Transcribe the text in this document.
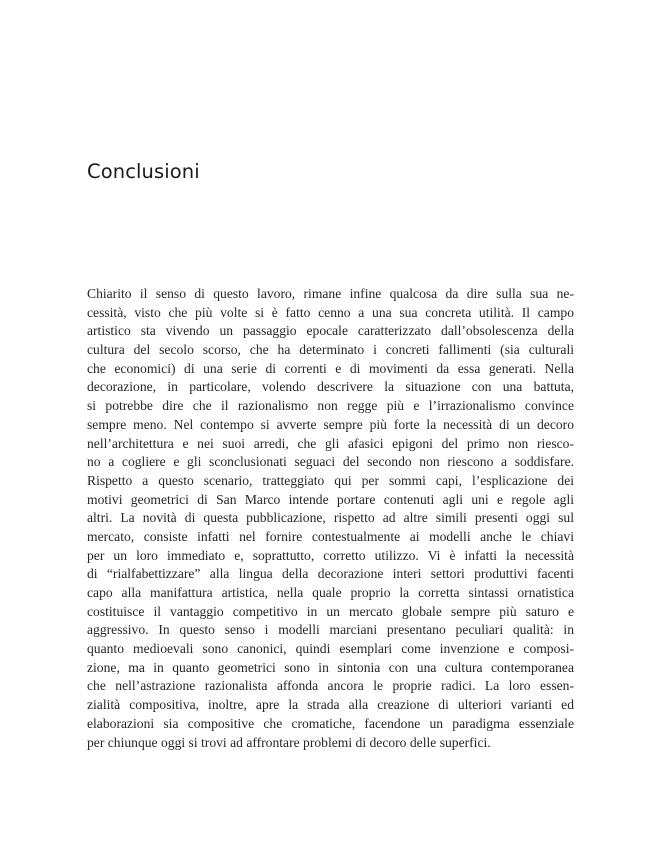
Conclusioni
Chiarito il senso di questo lavoro, rimane infine qualcosa da dire sulla sua ne-
cessità, visto che più volte si è fatto cenno a una sua concreta utilità. Il campo
artistico sta vivendo un passaggio epocale caratterizzato dall’obsolescenza della
cultura del secolo scorso, che ha determinato i concreti fallimenti (sia culturali
che economici) di una serie di correnti e di movimenti da essa generati. Nella
decorazione, in particolare, volendo descrivere la situazione con una battuta,
si potrebbe dire che il razionalismo non regge più e l’irrazionalismo convince
sempre meno. Nel contempo si avverte sempre più forte la necessità di un decoro
nell’architettura e nei suoi arredi, che gli afasici epigoni del primo non riesco-
no a cogliere e gli sconclusionati seguaci del secondo non riescono a soddisfare.
Rispetto a questo scenario, tratteggiato qui per sommi capi, l’esplicazione dei
motivi geometrici di San Marco intende portare contenuti agli uni e regole agli
altri. La novità di questa pubblicazione, rispetto ad altre simili presenti oggi sul
mercato, consiste infatti nel fornire contestualmente ai modelli anche le chiavi
per un loro immediato e, soprattutto, corretto utilizzo. Vi è infatti la necessità
di “rialfabettizzare” alla lingua della decorazione interi settori produttivi facenti
capo alla manifattura artistica, nella quale proprio la corretta sintassi ornatistica
costituisce il vantaggio competitivo in un mercato globale sempre più saturo e
aggressivo. In questo senso i modelli marciani presentano peculiari qualità: in
quanto medioevali sono canonici, quindi esemplari come invenzione e composi-
zione, ma in quanto geometrici sono in sintonia con una cultura contemporanea
che nell’astrazione razionalista affonda ancora le proprie radici. La loro essen-
zialità compositiva, inoltre, apre la strada alla creazione di ulteriori varianti ed
elaborazioni sia compositive che cromatiche, facendone un paradigma essenziale
per chiunque oggi si trovi ad affrontare problemi di decoro delle superfici.
